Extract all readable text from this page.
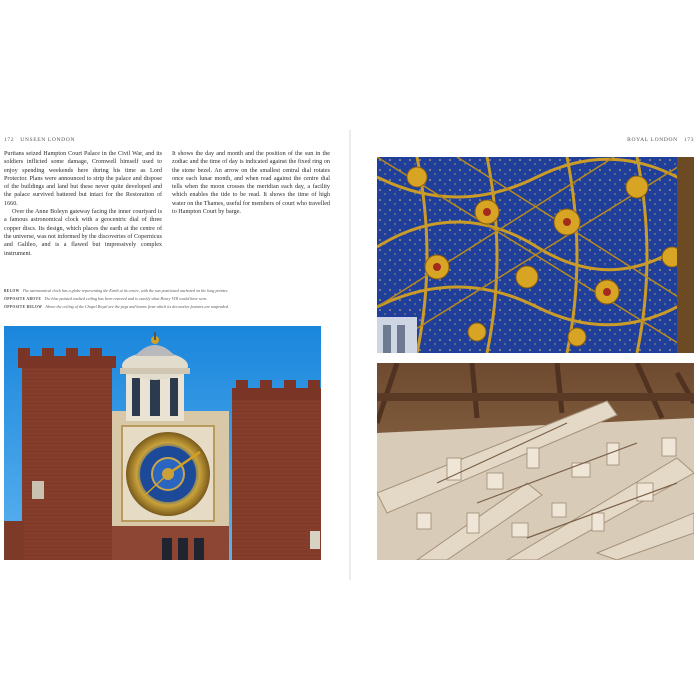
172 UNSEEN LONDON

Puritans seized Hampton Court Palace in the Civil War, and its soldiers inflicted some damage, Cromwell himself used to enjoy spending weekends here during his time as Lord Protector. Plans were announced to strip the palace and dispose of the buildings and land but these never quite developed and the palace survived battered but intact for the Restoration of 1660.

Over the Anne Boleyn gateway facing the inner courtyard is a famous astronomical clock with a geocentric dial of three copper discs. Its design, which places the earth at the centre of the universe, was not informed by the discoveries of Copernicus and Galileo, and is a flawed but impressively complex instrument.

It shows the day and month and the position of the sun in the zodiac and the time of day is indicated against the fixed ring on the stone bezel. An arrow on the smallest central dial rotates once each lunar month, and when read against the centre dial tells when the moon crosses the meridian each day, a facility which enables the tide to be read. It shows the time of high water on the Thames, useful for members of court who travelled to Hampton Court by barge.

BELOW The astronomical clock has a globe representing the Earth at its centre, with the sun positioned anchored on the long pointer.
OPPOSITE ABOVE The blue painted vaulted ceiling has been restored and is exactly what Henry VIII would have seen.
OPPOSITE BELOW Above the ceiling of the Chapel Royal are the pegs and beams from which its decorative features are suspended.
ROYAL LONDON 173
